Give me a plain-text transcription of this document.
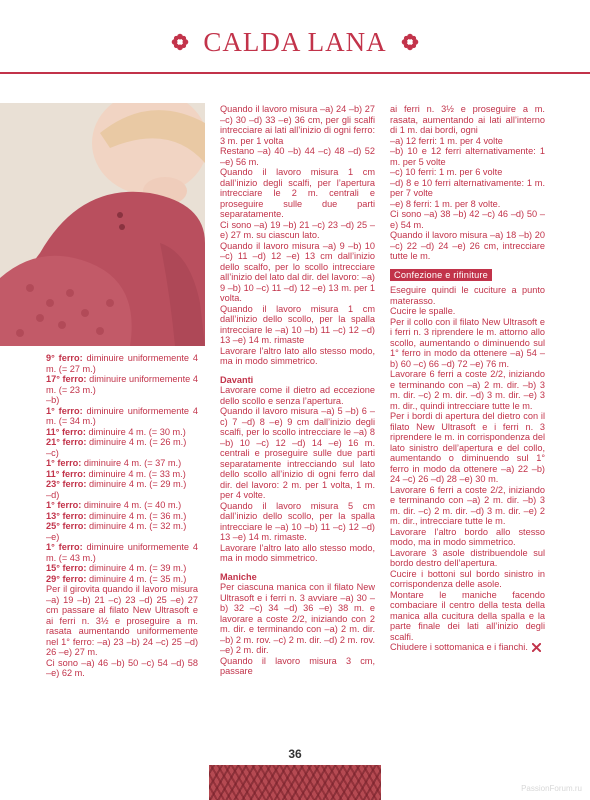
CALDA LANA

9° ferro: diminuire uniformemente 4 m. (= 27 m.)

17° ferro: diminuire uniformemente 4 m. (= 23 m.)

–b)

1° ferro: diminuire uniformemente 4 m. (= 34 m.)

11° ferro: diminuire 4 m. (= 30 m.)

21° ferro: diminuire 4 m. (= 26 m.)

–c)

1° ferro: diminuire 4 m. (= 37 m.)

11° ferro: diminuire 4 m. (= 33 m.)

23° ferro: diminuire 4 m. (= 29 m.)

–d)

1° ferro: diminuire 4 m. (= 40 m.)

13° ferro: diminuire 4 m. (= 36 m.)

25° ferro: diminuire 4 m. (= 32 m.)

–e)

1° ferro: diminuire uniformemente 4 m. (= 43 m.)

15° ferro: diminuire 4 m. (= 39 m.)

29° ferro: diminuire 4 m. (= 35 m.)

Per il girovita quando il lavoro misura –a) 19 –b) 21 –c) 23 –d) 25 –e) 27 cm passare al filato New Ultrasoft e ai ferri n. 3½ e proseguire a m. rasata aumentando uniformemente nel 1° ferro: –a) 23 –b) 24 –c) 25 –d) 26 –e) 27 m.

Ci sono –a) 46 –b) 50 –c) 54 –d) 58 –e) 62 m.

Quando il lavoro misura –a) 24 –b) 27 –c) 30 –d) 33 –e) 36 cm, per gli scalfi intrecciare ai lati all’inizio di ogni ferro: 3 m. per 1 volta

Restano –a) 40 –b) 44 –c) 48 –d) 52 –e) 56 m.

Quando il lavoro misura 1 cm dall’inizio degli scalfi, per l’apertura intrecciare le 2 m. centrali e proseguire sulle due parti separatamente.

Ci sono –a) 19 –b) 21 –c) 23 –d) 25 –e) 27 m. su ciascun lato.

Quando il lavoro misura –a) 9 –b) 10 –c) 11 –d) 12 –e) 13 cm dall’inizio dello scalfo, per lo scollo intrecciare all’inizio del lato dal dir. del lavoro: –a) 9 –b) 10 –c) 11 –d) 12 –e) 13 m. per 1 volta.

Quando il lavoro misura 1 cm dall’inizio dello scollo, per la spalla intrecciare le –a) 10 –b) 11 –c) 12 –d) 13 –e) 14 m. rimaste

Lavorare l’altro lato allo stesso modo, ma in modo simmetrico.

Davanti

Lavorare come il dietro ad eccezione dello scollo e senza l’apertura.

Quando il lavoro misura –a) 5 –b) 6 –c) 7 –d) 8 –e) 9 cm dall’inizio degli scalfi, per lo scollo intrecciare le –a) 8 –b) 10 –c) 12 –d) 14 –e) 16 m. centrali e proseguire sulle due parti separatamente intrecciando sul lato dello scollo all’inizio di ogni ferro dal dir. del lavoro: 2 m. per 1 volta, 1 m. per 4 volte.

Quando il lavoro misura 5 cm dall’inizio dello scollo, per la spalla intrecciare le –a) 10 –b) 11 –c) 12 –d) 13 –e) 14 m. rimaste.

Lavorare l’altro lato allo stesso modo, ma in modo simmetrico.

Maniche

Per ciascuna manica con il filato New Ultrasoft e i ferri n. 3 avviare –a) 30 –b) 32 –c) 34 –d) 36 –e) 38 m. e lavorare a coste 2/2, iniziando con 2 m. dir. e terminando con –a) 2 m. dir. –b) 2 m. rov. –c) 2 m. dir. –d) 2 m. rov. –e) 2 m. dir.

Quando il lavoro misura 3 cm, passare

ai ferri n. 3½ e proseguire a m. rasata, aumentando ai lati all’interno di 1 m. dai bordi, ogni

–a) 12 ferri: 1 m. per 4 volte

–b) 10 e 12 ferri alternativamente: 1 m. per 5 volte

–c) 10 ferri: 1 m. per 6 volte

–d) 8 e 10 ferri alternativamente: 1 m. per 7 volte

–e) 8 ferri: 1 m. per 8 volte.

Ci sono –a) 38 –b) 42 –c) 46 –d) 50 –e) 54 m.

Quando il lavoro misura –a) 18 –b) 20 –c) 22 –d) 24 –e) 26 cm, intrecciare tutte le m.

Confezione e rifiniture

Eseguire quindi le cuciture a punto materasso.

Cucire le spalle.

Per il collo con il filato New Ultrasoft e i ferri n. 3 riprendere le m. attorno allo scollo, aumentando o diminuendo sul 1° ferro in modo da ottenere –a) 54 –b) 60 –c) 66 –d) 72 –e) 76 m.

Lavorare 6 ferri a coste 2/2, iniziando e terminando con –a) 2 m. dir. –b) 3 m. dir. –c) 2 m. dir. –d) 3 m. dir. –e) 3 m. dir., quindi intrecciare tutte le m.

Per i bordi di apertura del dietro con il filato New Ultrasoft e i ferri n. 3 riprendere le m. in corrispondenza del lato sinistro dell’apertura e del collo, aumentando o diminuendo sul 1° ferro in modo da ottenere –a) 22 –b) 24 –c) 26 –d) 28 –e) 30 m.

Lavorare 6 ferri a coste 2/2, iniziando e terminando con –a) 2 m. dir. –b) 3 m. dir. –c) 2 m. dir. –d) 3 m. dir. –e) 2 m. dir., intrecciare tutte le m.

Lavorare l’altro bordo allo stesso modo, ma in modo simmetrico.

Lavorare 3 asole distribuendole sul bordo destro dell’apertura.

Cucire i bottoni sul bordo sinistro in corrispondenza delle asole.

Montare le maniche facendo combaciare il centro della testa della manica alla cucitura della spalla e la parte finale dei lati all’inizio degli scalfi.

Chiudere i sottomanica e i fianchi.

36
PassionForum.ru
